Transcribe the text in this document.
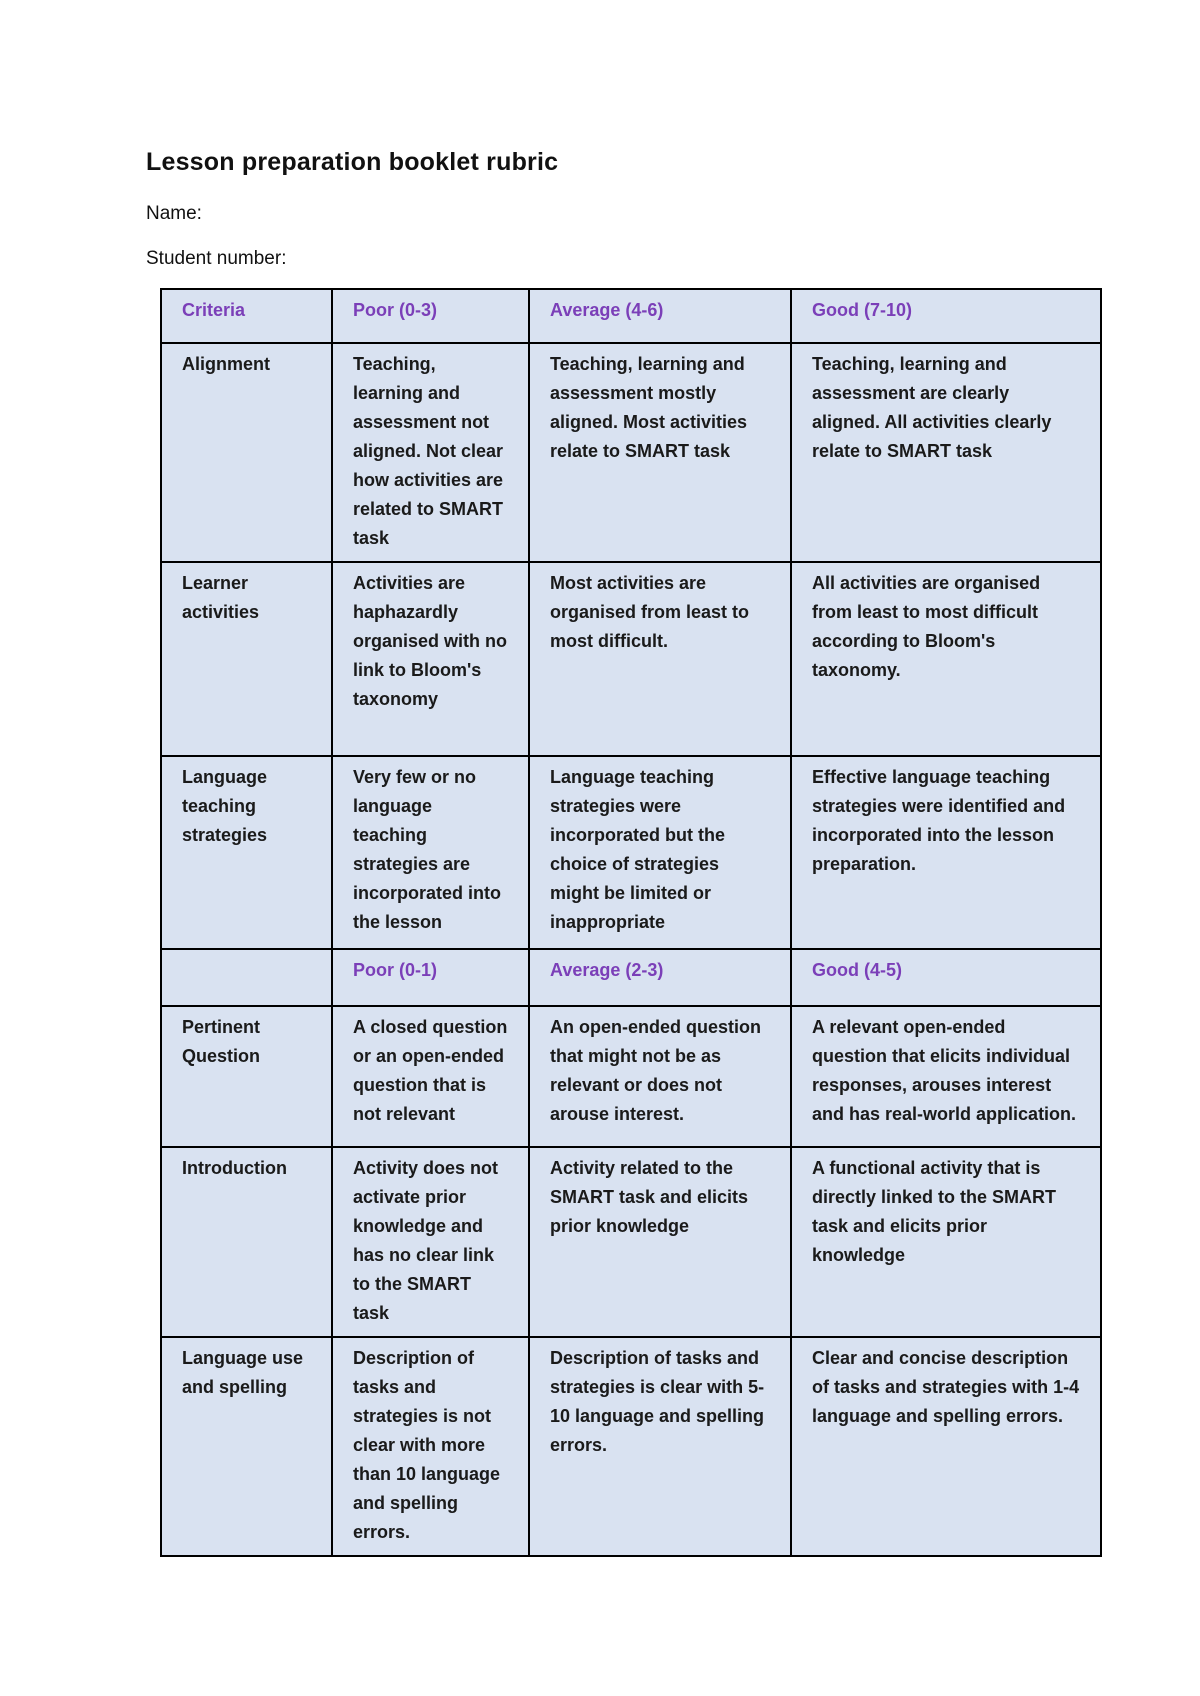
Lesson preparation booklet rubric
Name:
Student number:
Criteria	Poor (0-3)	Average (4-6)	Good (7-10)
Alignment	Teaching, learning and assessment not aligned. Not clear how activities are related to SMART task	Teaching, learning and assessment mostly aligned. Most activities relate to SMART task	Teaching, learning and assessment are clearly aligned. All activities clearly relate to SMART task
Learner activities	Activities are haphazardly organised with no link to Bloom's taxonomy	Most activities are organised from least to most difficult.	All activities are organised from least to most difficult according to Bloom's taxonomy.
Language teaching strategies	Very few or no language teaching strategies are incorporated into the lesson	Language teaching strategies were incorporated but the choice of strategies might be limited or inappropriate	Effective language teaching strategies were identified and incorporated into the lesson preparation.
	Poor (0-1)	Average (2-3)	Good (4-5)
Pertinent Question	A closed question or an open-ended question that is not relevant	An open-ended question that might not be as relevant or does not arouse interest.	A relevant open-ended question that elicits individual responses, arouses interest and has real-world application.
Introduction	Activity does not activate prior knowledge and has no clear link to the SMART task	Activity related to the SMART task and elicits prior knowledge	A functional activity that is directly linked to the SMART task and elicits prior knowledge
Language use and spelling	Description of tasks and strategies is not clear with more than 10 language and spelling errors.	Description of tasks and strategies is clear with 5-10 language and spelling errors.	Clear and concise description of tasks and strategies with 1-4 language and spelling errors.
